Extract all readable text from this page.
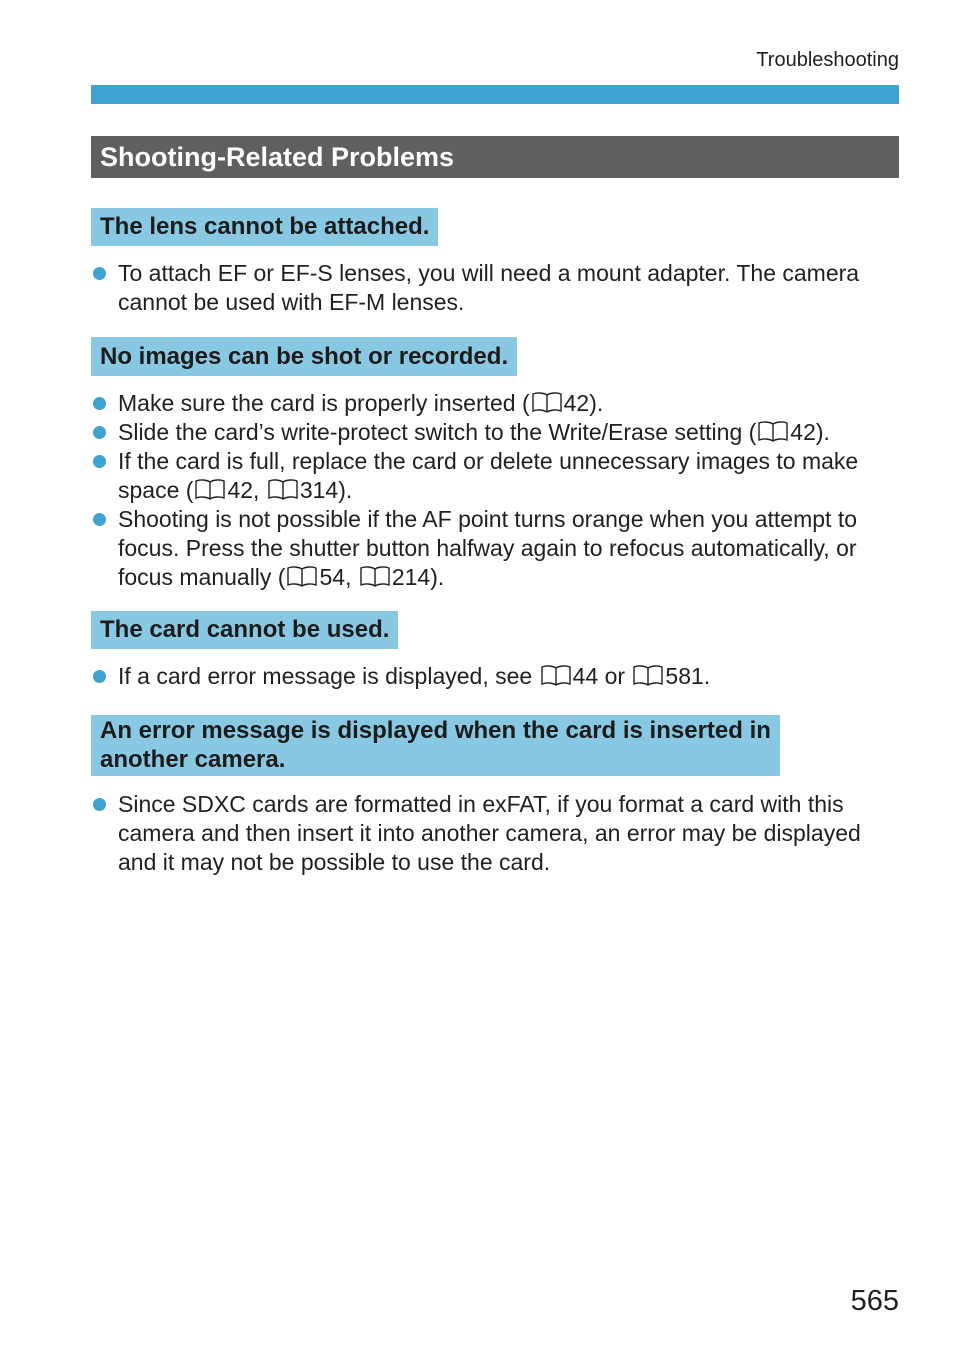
Troubleshooting
Shooting-Related Problems
The lens cannot be attached.
To attach EF or EF-S lenses, you will need a mount adapter. The camera
cannot be used with EF-M lenses.
No images can be shot or recorded.
Make sure the card is properly inserted ( 42).
Slide the card’s write-protect switch to the Write/Erase setting ( 42).
If the card is full, replace the card or delete unnecessary images to make
space ( 42, 314).
Shooting is not possible if the AF point turns orange when you attempt to
focus. Press the shutter button halfway again to refocus automatically, or
focus manually ( 54, 214).
The card cannot be used.
If a card error message is displayed, see 44 or 581.
An error message is displayed when the card is inserted in
another camera.
Since SDXC cards are formatted in exFAT, if you format a card with this
camera and then insert it into another camera, an error may be displayed
and it may not be possible to use the card.
565
